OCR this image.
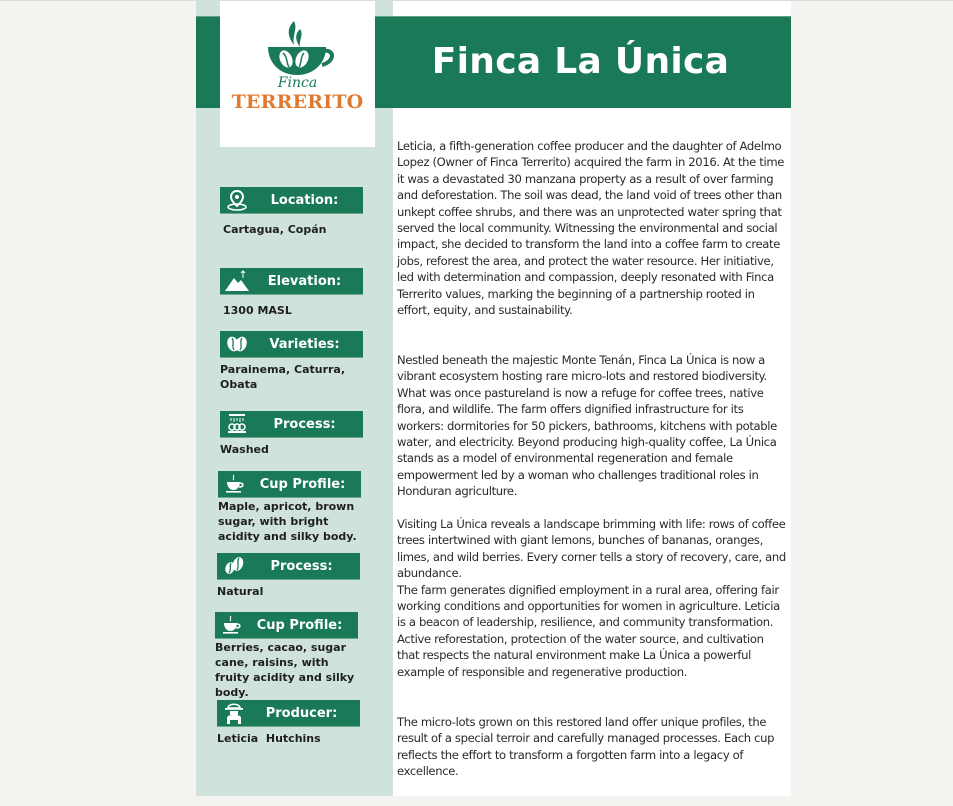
Finca
TERRERITO
Finca La Única
Location:
Cartagua, Copán
Elevation:
1300 MASL
Varieties:
Parainema, Caturra, Obata
Process:
Washed
Cup Profile:
Maple, apricot, brown sugar, with bright acidity and silky body.
Process:
Natural
Cup Profile:
Berries, cacao, sugar cane, raisins, with fruity acidity and silky body.
Producer:
Leticia  Hutchins

Leticia, a fifth-generation coffee producer and the daughter of Adelmo Lopez (Owner of Finca Terrerito) acquired the farm in 2016. At the time it was a devastated 30 manzana property as a result of over farming and deforestation. The soil was dead, the land void of trees other than unkept coffee shrubs, and there was an unprotected water spring that served the local community. Witnessing the environmental and social impact, she decided to transform the land into a coffee farm to create jobs, reforest the area, and protect the water resource. Her initiative, led with determination and compassion, deeply resonated with Finca Terrerito values, marking the beginning of a partnership rooted in effort, equity, and sustainability.

Nestled beneath the majestic Monte Tenán, Finca La Única is now a vibrant ecosystem hosting rare micro-lots and restored biodiversity. What was once pastureland is now a refuge for coffee trees, native flora, and wildlife. The farm offers dignified infrastructure for its workers: dormitories for 50 pickers, bathrooms, kitchens with potable water, and electricity. Beyond producing high-quality coffee, La Única stands as a model of environmental regeneration and female empowerment led by a woman who challenges traditional roles in Honduran agriculture.

Visiting La Única reveals a landscape brimming with life: rows of coffee trees intertwined with giant lemons, bunches of bananas, oranges, limes, and wild berries. Every corner tells a story of recovery, care, and abundance.

The farm generates dignified employment in a rural area, offering fair working conditions and opportunities for women in agriculture. Leticia is a beacon of leadership, resilience, and community transformation. Active reforestation, protection of the water source, and cultivation that respects the natural environment make La Única a powerful example of responsible and regenerative production.

The micro-lots grown on this restored land offer unique profiles, the result of a special terroir and carefully managed processes. Each cup reflects the effort to transform a forgotten farm into a legacy of excellence.
